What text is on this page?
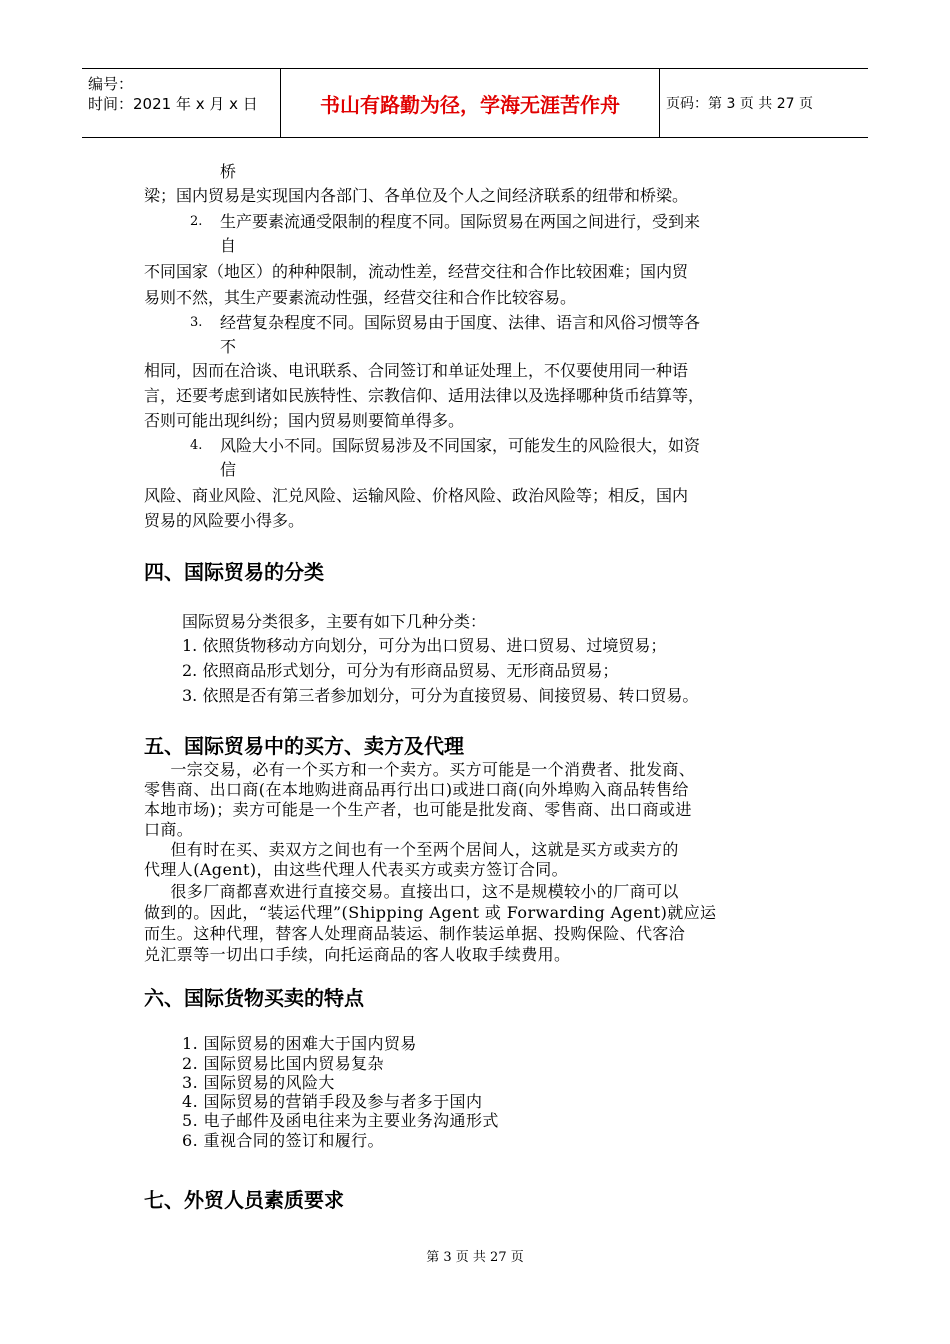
编号：
时间：2021 年 x 月 x 日	书山有路勤为径，学海无涯苦作舟	页码：第 3 页 共 27 页
桥
梁；国内贸易是实现国内各部门、各单位及个人之间经济联系的纽带和桥梁。
2. 生产要素流通受限制的程度不同。国际贸易在两国之间进行，受到来
自
不同国家（地区）的种种限制，流动性差，经营交往和合作比较困难；国内贸
易则不然，其生产要素流动性强，经营交往和合作比较容易。
3. 经营复杂程度不同。国际贸易由于国度、法律、语言和风俗习惯等各
不
相同，因而在洽谈、电讯联系、合同签订和单证处理上，不仅要使用同一种语
言，还要考虑到诸如民族特性、宗教信仰、适用法律以及选择哪种货币结算等，
否则可能出现纠纷；国内贸易则要简单得多。
4. 风险大小不同。国际贸易涉及不同国家，可能发生的风险很大，如资
信
风险、商业风险、汇兑风险、运输风险、价格风险、政治风险等；相反，国内
贸易的风险要小得多。
四、国际贸易的分类
国际贸易分类很多，主要有如下几种分类：
1. 依照货物移动方向划分，可分为出口贸易、进口贸易、过境贸易；
2. 依照商品形式划分，可分为有形商品贸易、无形商品贸易；
3. 依照是否有第三者参加划分，可分为直接贸易、间接贸易、转口贸易。
五、国际贸易中的买方、卖方及代理
　一宗交易，必有一个买方和一个卖方。买方可能是一个消费者、批发商、
零售商、出口商(在本地购进商品再行出口)或进口商(向外埠购入商品转售给
本地市场)；卖方可能是一个生产者，也可能是批发商、零售商、出口商或进
口商。
　但有时在买、卖双方之间也有一个至两个居间人，这就是买方或卖方的
代理人(Agent)，由这些代理人代表买方或卖方签订合同。
　很多厂商都喜欢进行直接交易。直接出口，这不是规模较小的厂商可以
做到的。因此，“装运代理”(Shipping Agent 或 Forwarding Agent)就应运
而生。这种代理，替客人处理商品装运、制作装运单据、投购保险、代客洽
兑汇票等一切出口手续，向托运商品的客人收取手续费用。
六、国际货物买卖的特点
1. 国际贸易的困难大于国内贸易
2. 国际贸易比国内贸易复杂
3. 国际贸易的风险大
4. 国际贸易的营销手段及参与者多于国内
5. 电子邮件及函电往来为主要业务沟通形式
6. 重视合同的签订和履行。
七、外贸人员素质要求
第 3 页 共 27 页
